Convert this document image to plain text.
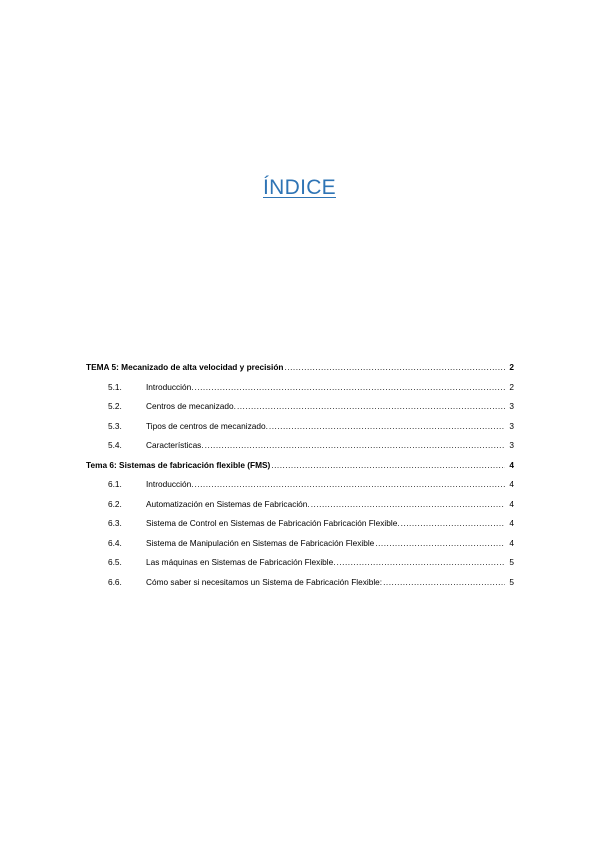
ÍNDICE
TEMA 5: Mecanizado de alta velocidad y precisión .....	2
5.1.	Introducción. .....	2
5.2.	Centros de mecanizado. .....	3
5.3.	Tipos de centros de mecanizado. .....	3
5.4.	Características. .....	3
Tema 6: Sistemas de fabricación flexible (FMS) .....	4
6.1.	Introducción. .....	4
6.2.	Automatización en Sistemas de Fabricación. .....	4
6.3.	Sistema de Control en Sistemas de Fabricación Fabricación Flexible. .....	4
6.4.	Sistema de Manipulación en Sistemas de Fabricación Flexible .....	4
6.5.	Las máquinas en Sistemas de Fabricación Flexible. .....	5
6.6.	Cómo saber si necesitamos un Sistema de Fabricación Flexible: .....	5
